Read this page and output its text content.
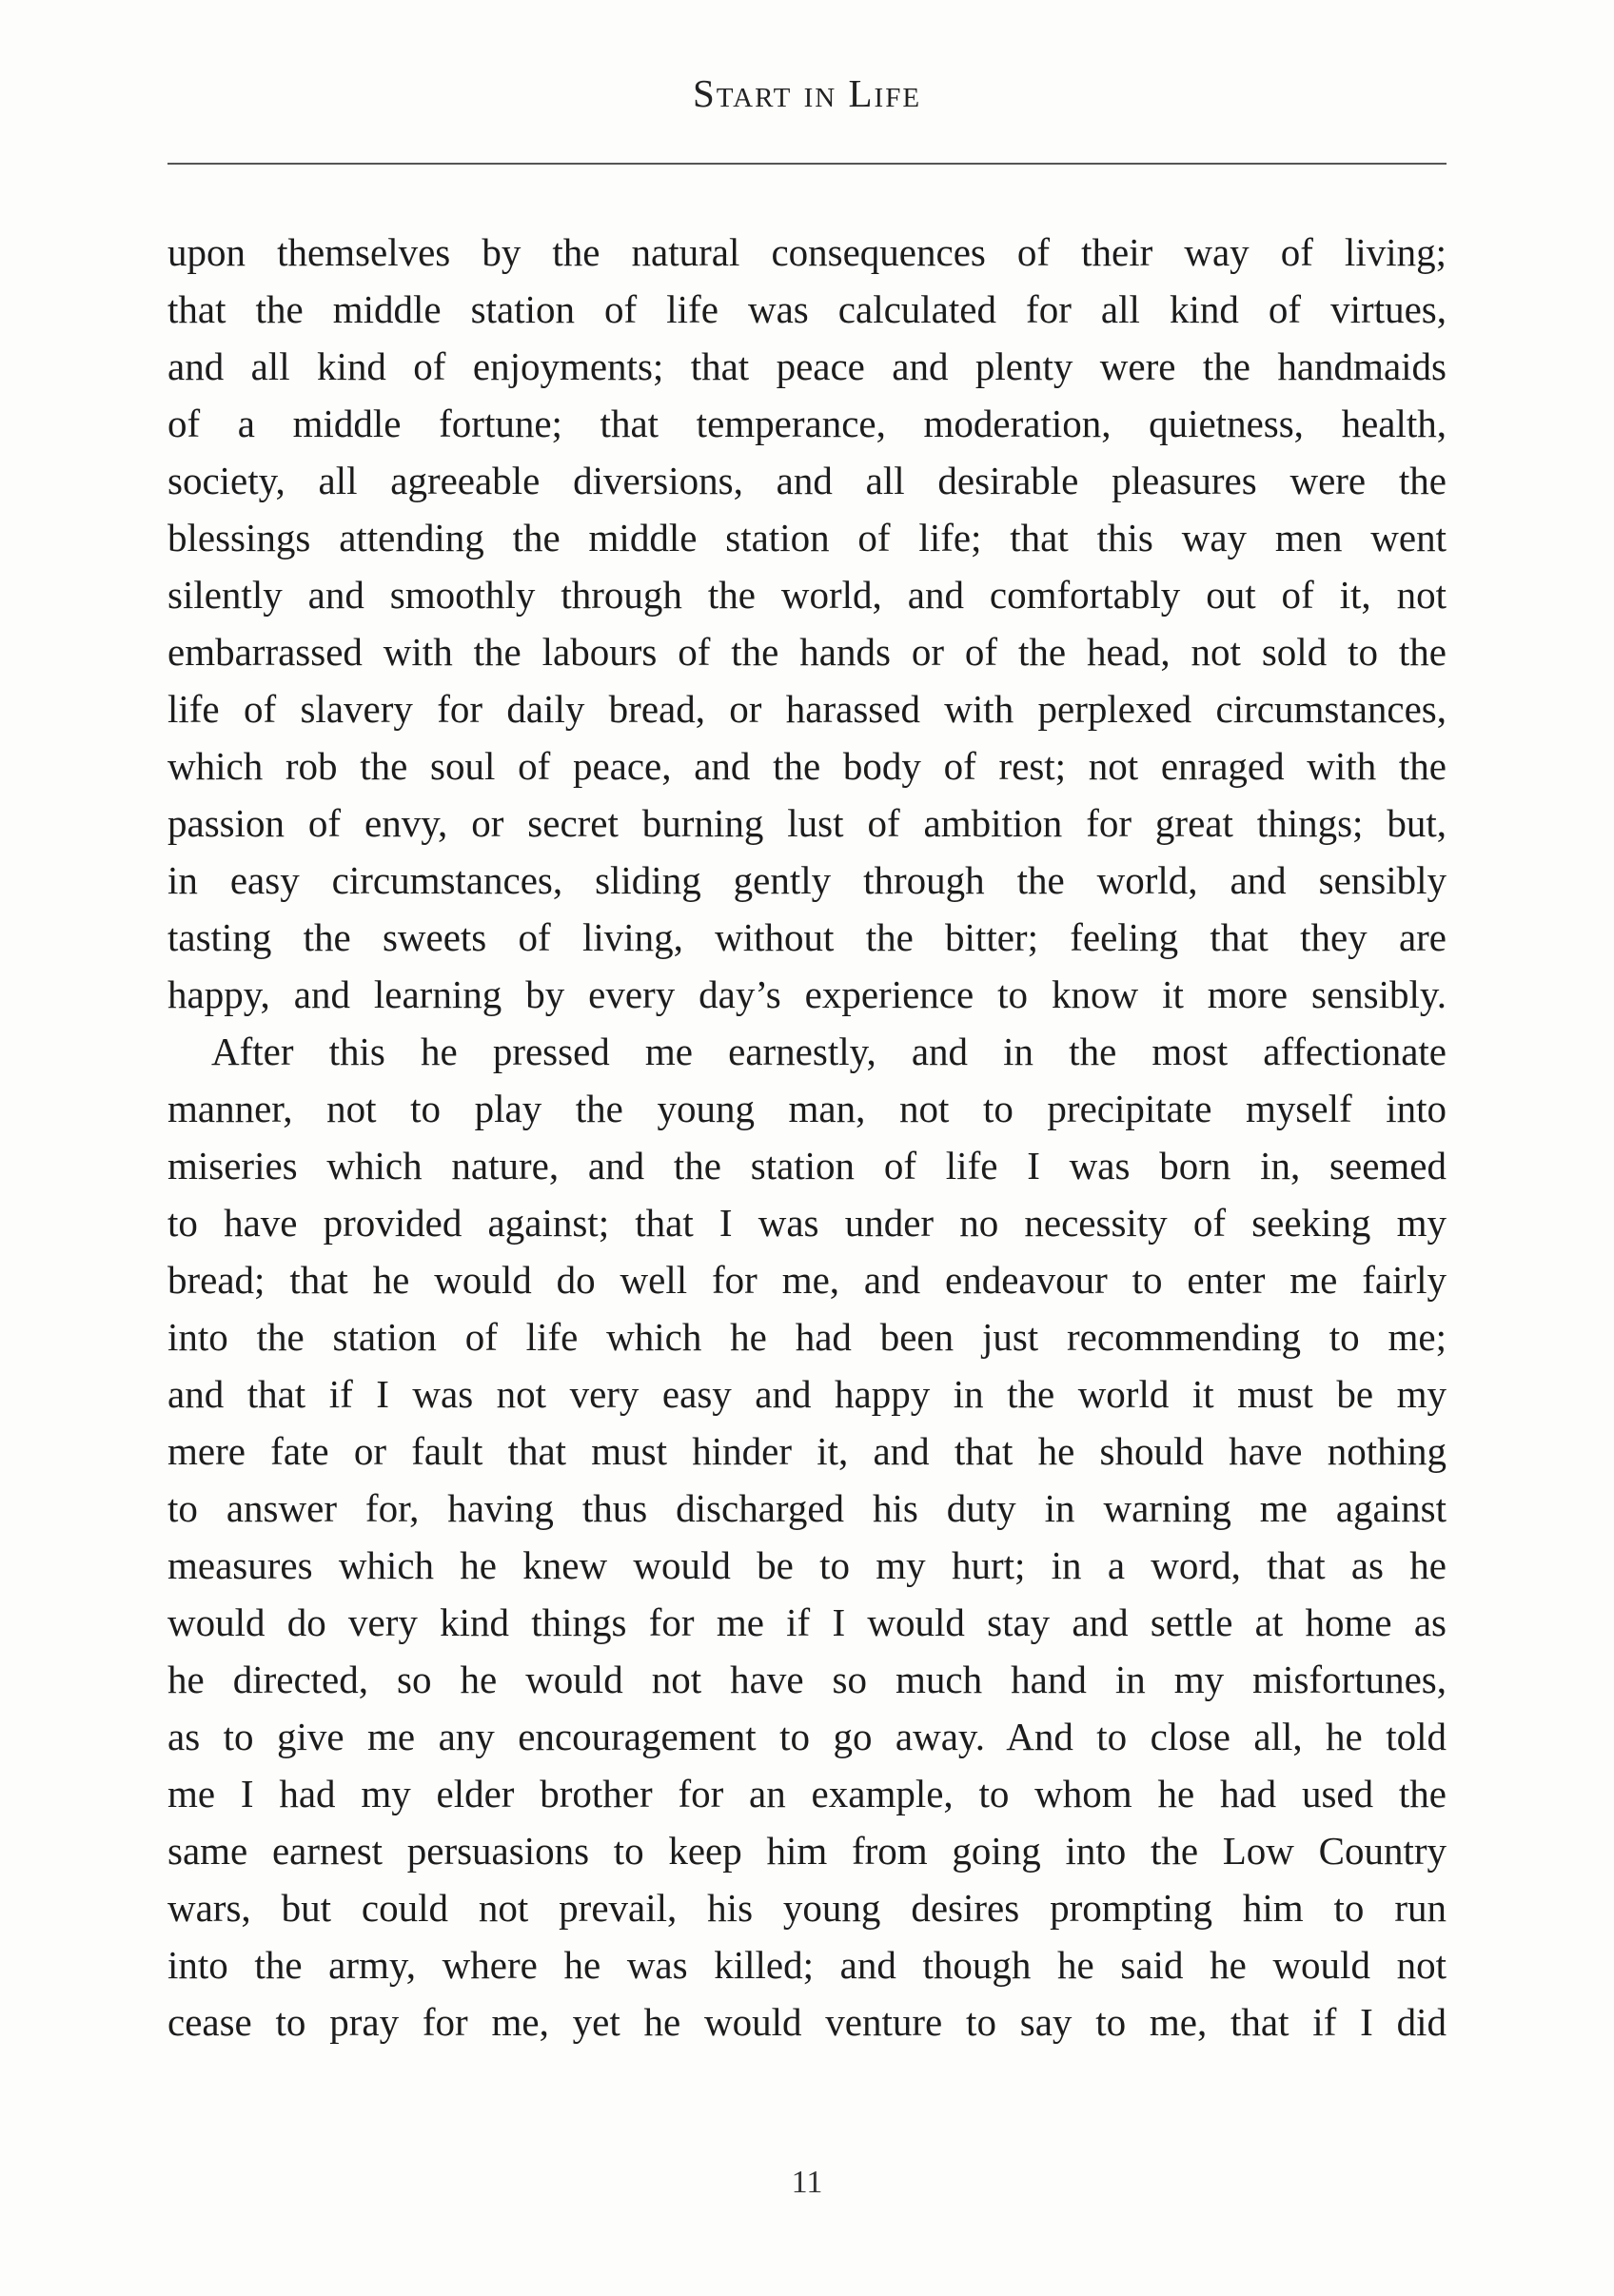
Start in Life
upon themselves by the natural consequences of their way of living;
that the middle station of life was calculated for all kind of virtues,
and all kind of enjoyments; that peace and plenty were the handmaids
of a middle fortune; that temperance, moderation, quietness, health,
society, all agreeable diversions, and all desirable pleasures were the
blessings attending the middle station of life; that this way men went
silently and smoothly through the world, and comfortably out of it, not
embarrassed with the labours of the hands or of the head, not sold to the
life of slavery for daily bread, or harassed with perplexed circumstances,
which rob the soul of peace, and the body of rest; not enraged with the
passion of envy, or secret burning lust of ambition for great things; but,
in easy circumstances, sliding gently through the world, and sensibly
tasting the sweets of living, without the bitter; feeling that they are
happy, and learning by every day’s experience to know it more sensibly.
After this he pressed me earnestly, and in the most affectionate
manner, not to play the young man, not to precipitate myself into
miseries which nature, and the station of life I was born in, seemed
to have provided against; that I was under no necessity of seeking my
bread; that he would do well for me, and endeavour to enter me fairly
into the station of life which he had been just recommending to me;
and that if I was not very easy and happy in the world it must be my
mere fate or fault that must hinder it, and that he should have nothing
to answer for, having thus discharged his duty in warning me against
measures which he knew would be to my hurt; in a word, that as he
would do very kind things for me if I would stay and settle at home as
he directed, so he would not have so much hand in my misfortunes,
as to give me any encouragement to go away. And to close all, he told
me I had my elder brother for an example, to whom he had used the
same earnest persuasions to keep him from going into the Low Country
wars, but could not prevail, his young desires prompting him to run
into the army, where he was killed; and though he said he would not
cease to pray for me, yet he would venture to say to me, that if I did
11
